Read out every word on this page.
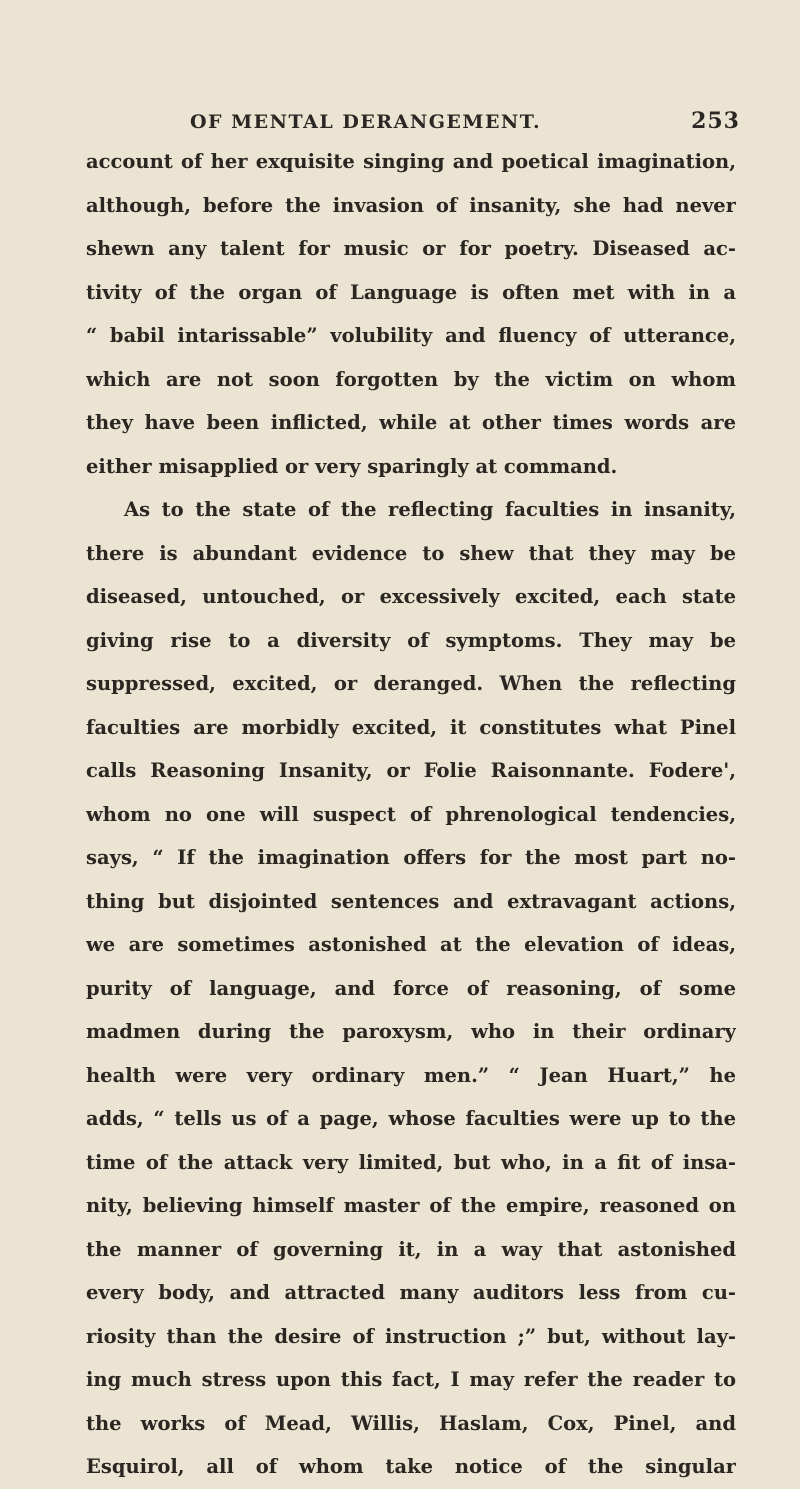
OF MENTAL DERANGEMENT.	253
account of her exquisite singing and poetical imagination,
although, before the invasion of insanity, she had never
shewn any talent for music or for poetry. Diseased ac-
tivity of the organ of Language is often met with in a
“ babil intarissable” volubility and fluency of utterance,
which are not soon forgotten by the victim on whom
they have been inflicted, while at other times words are
either misapplied or very sparingly at command.
As to the state of the reflecting faculties in insanity,
there is abundant evidence to shew that they may be
diseased, untouched, or excessively excited, each state
giving rise to a diversity of symptoms. They may be
suppressed, excited, or deranged. When the reflecting
faculties are morbidly excited, it constitutes what Pinel
calls Reasoning Insanity, or Folie Raisonnante. Fodere',
whom no one will suspect of phrenological tendencies,
says, “ If the imagination offers for the most part no-
thing but disjointed sentences and extravagant actions,
we are sometimes astonished at the elevation of ideas,
purity of language, and force of reasoning, of some
madmen during the paroxysm, who in their ordinary
health were very ordinary men.” “ Jean Huart,” he
adds, “ tells us of a page, whose faculties were up to the
time of the attack very limited, but who, in a fit of insa-
nity, believing himself master of the empire, reasoned on
the manner of governing it, in a way that astonished
every body, and attracted many auditors less from cu-
riosity than the desire of instruction ;” but, without lay-
ing much stress upon this fact, I may refer the reader to
the works of Mead, Willis, Haslam, Cox, Pinel, and
Esquirol, all of whom take notice of the singular
